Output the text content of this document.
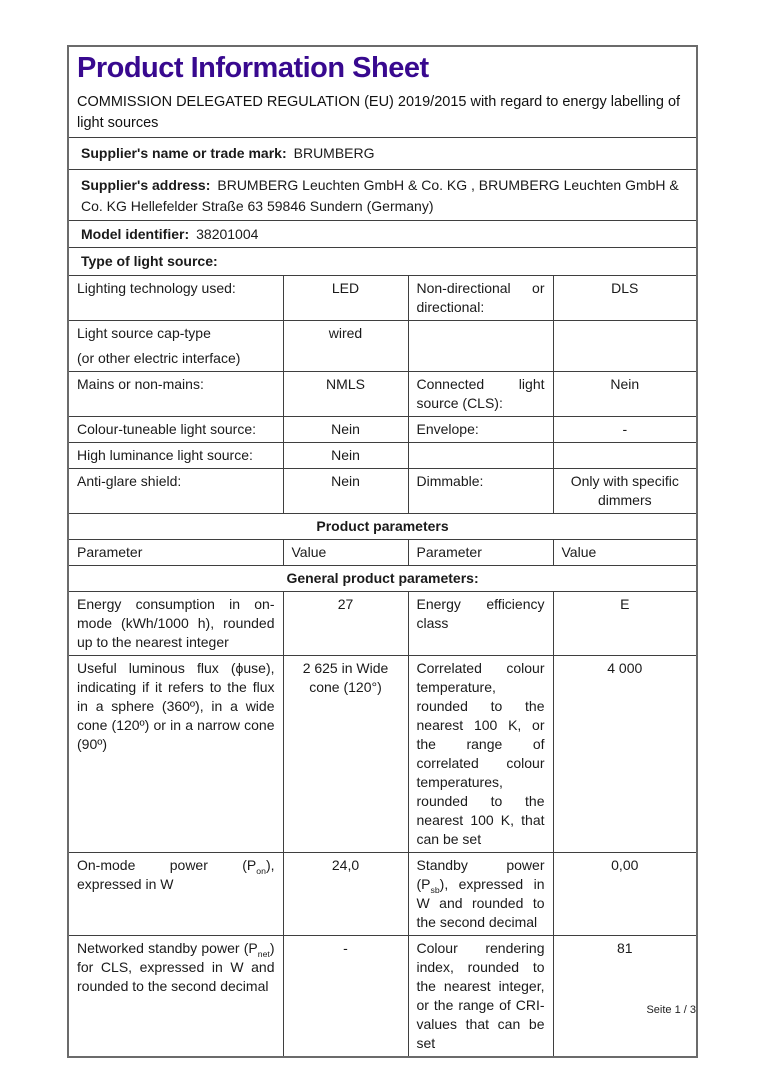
Product Information Sheet
COMMISSION DELEGATED REGULATION (EU) 2019/2015 with regard to energy labelling of light sources

Supplier's name or trade mark: BRUMBERG			
Supplier's address: BRUMBERG Leuchten GmbH & Co. KG , BRUMBERG Leuchten GmbH & Co. KG Hellefelder Straße 63 59846 Sundern (Germany)			
Model identifier: 38201004			
Type of light source:			
Lighting technology used:	LED	Non-directional or directional:	DLS

Light source cap-type
(or other electric interface)	wired		
Mains or non-mains:	NMLS	Connected light source (CLS):	Nein
Colour-tuneable light source:	Nein	Envelope:	-
High luminance light source:	Nein		
Anti-glare shield:	Nein	Dimmable:	Only with specific dimmers
Product parameters			
Parameter	Value	Parameter	Value
General product parameters:			
Energy consumption in on-mode (kWh/1000 h), rounded up to the nearest integer	27	Energy efficiency class	E
Useful luminous flux (ϕuse), indicating if it refers to the flux in a sphere (360º), in a wide cone (120º) or in a narrow cone (90º)	2 625 in Wide cone (120°)	Correlated colour temperature, rounded to the nearest 100 K, or the range of correlated colour temperatures, rounded to the nearest 100 K, that can be set	4 000
On-mode power $(P_{on})$, expressed in W	24,0	Standby power $(P_{sb})$, expressed in W and rounded to the second decimal	0,00
Networked standby power $(P_{net})$ for CLS, expressed in W and rounded to the second decimal	-	Colour rendering index, rounded to the nearest integer, or the range of CRI-values that can be set	81
Seite 1 / 3
